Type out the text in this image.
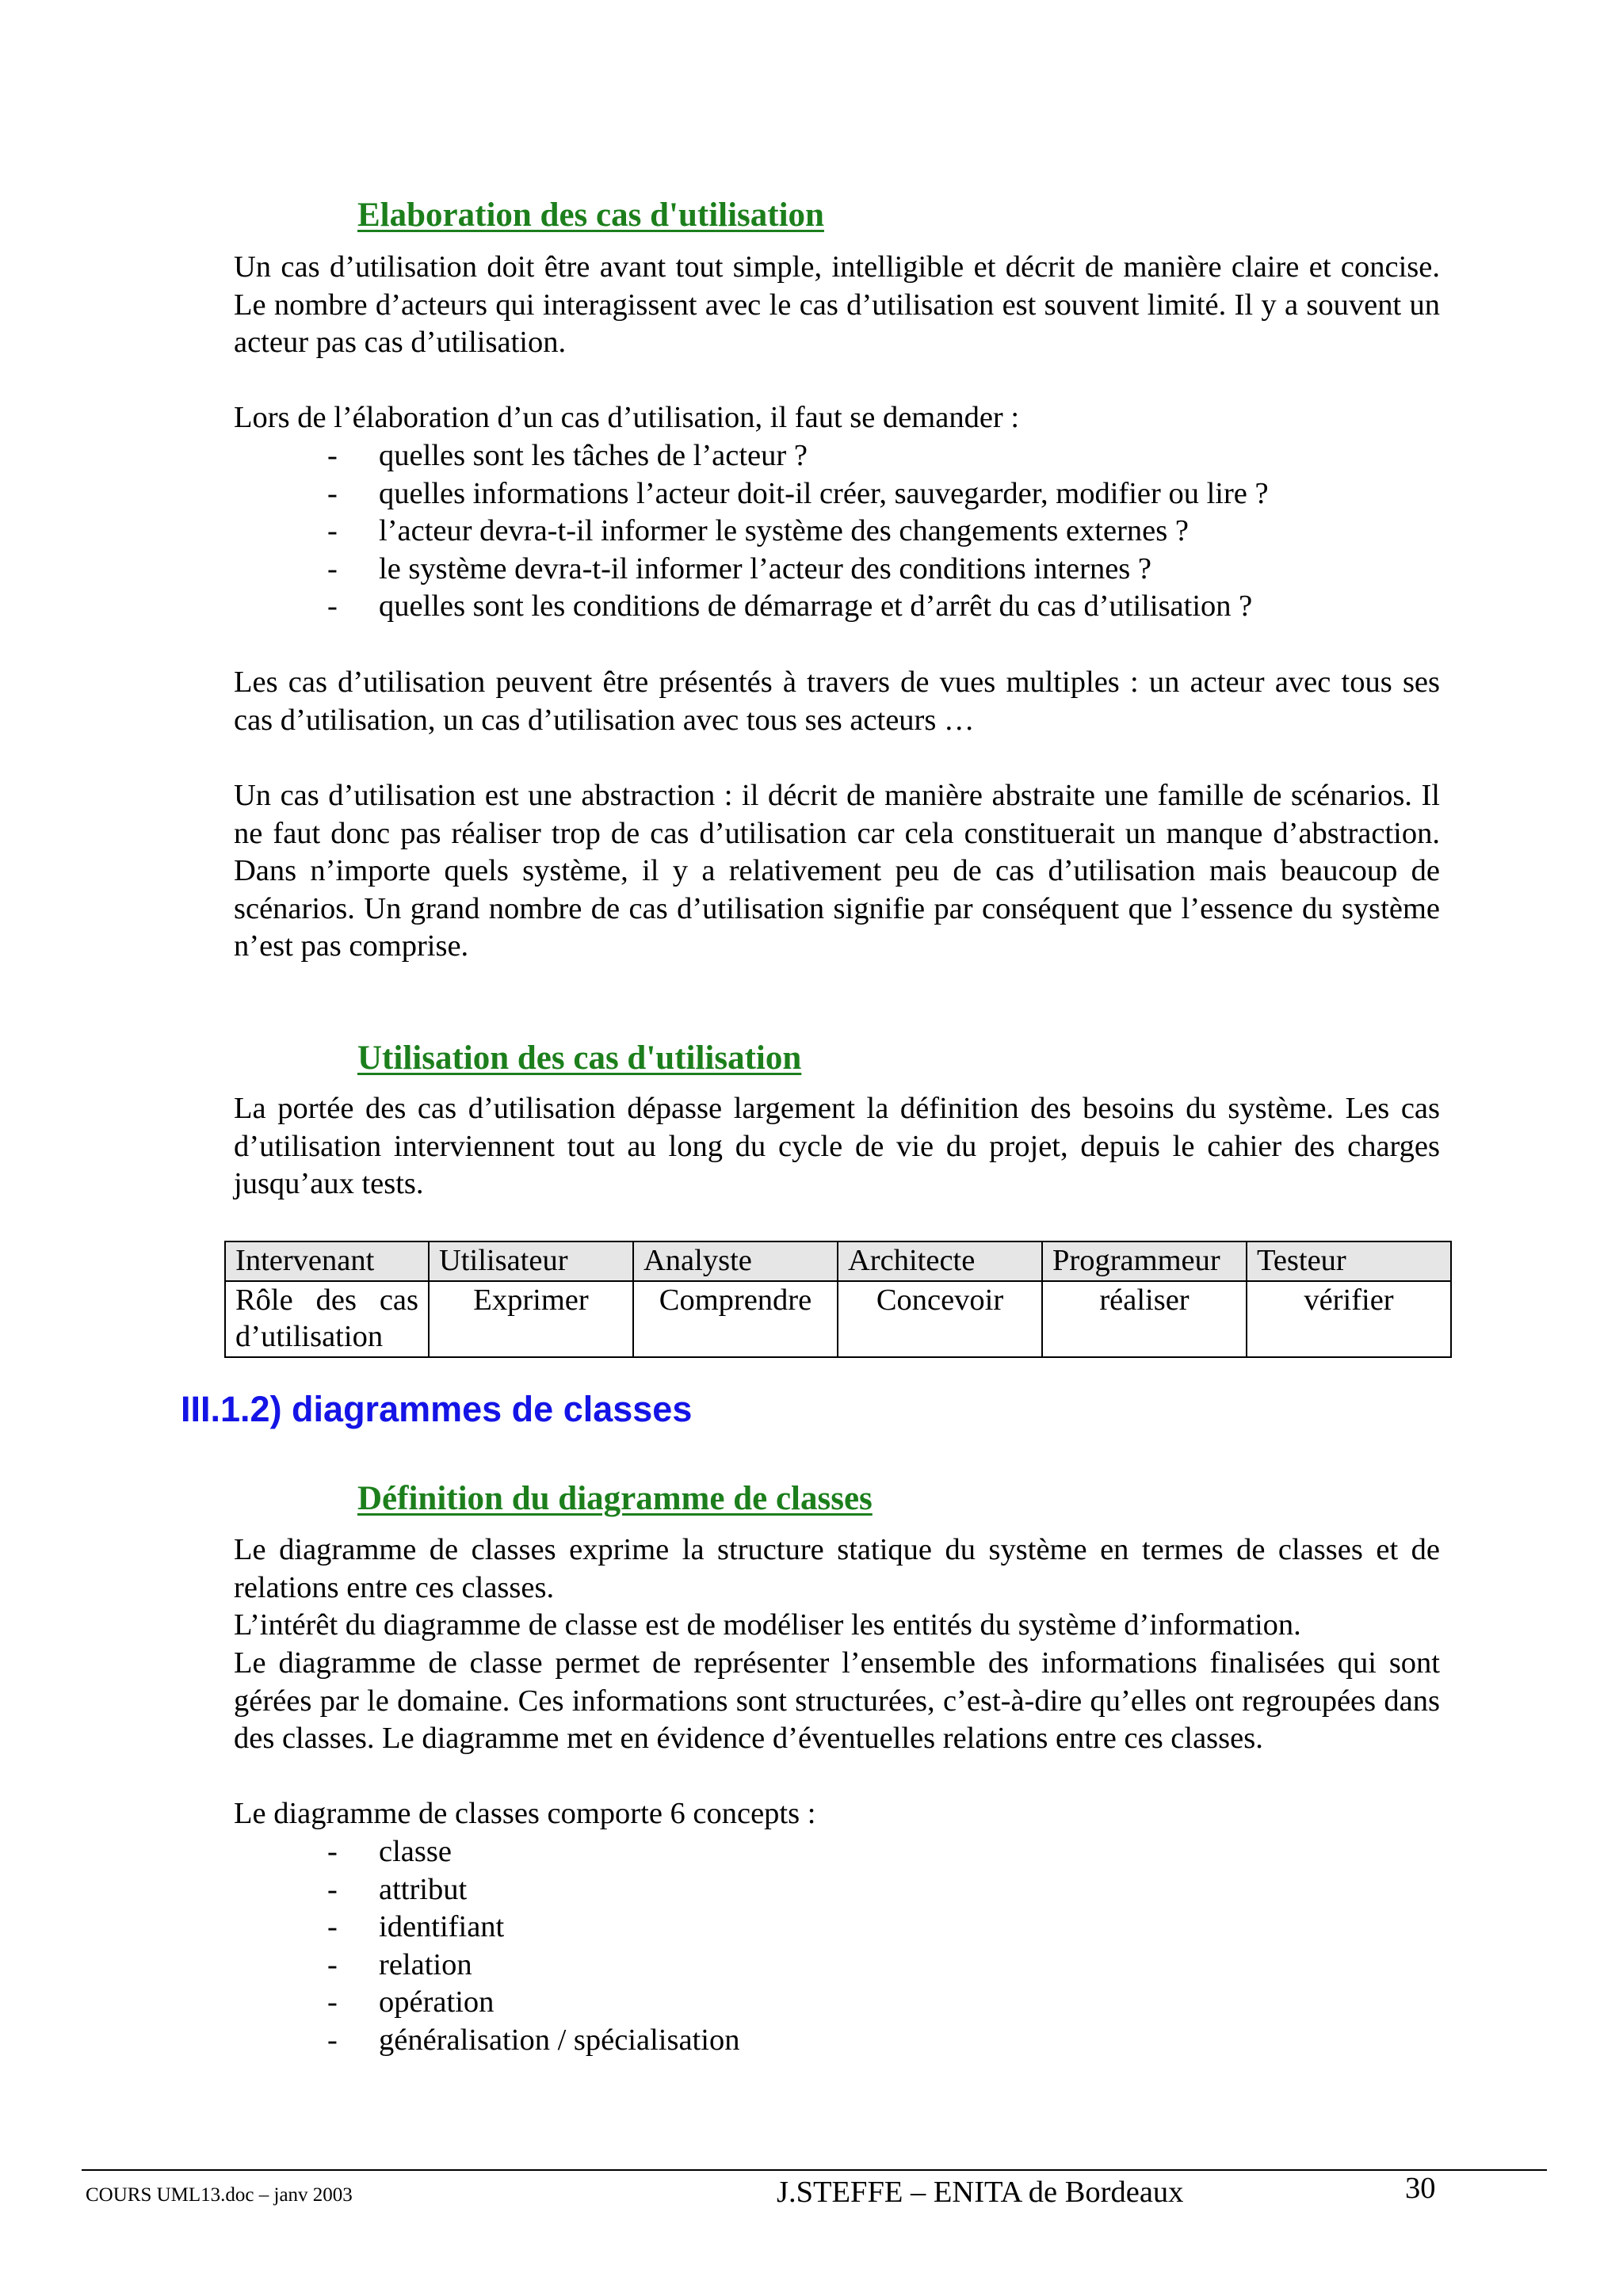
Elaboration des cas d'utilisation

Un cas d’utilisation doit être avant tout simple, intelligible et décrit de manière claire et concise. Le nombre d’acteurs qui interagissent avec le cas d’utilisation est souvent limité. Il y a souvent un acteur pas cas d’utilisation.

Lors de l’élaboration d’un cas d’utilisation, il faut se demander :

- quelles sont les tâches de l’acteur ?
- quelles informations l’acteur doit-il créer, sauvegarder, modifier ou lire ?
- l’acteur devra-t-il informer le système des changements externes ?
- le système devra-t-il informer l’acteur des conditions internes ?
- quelles sont les conditions de démarrage et d’arrêt du cas d’utilisation ?

Les cas d’utilisation peuvent être présentés à travers de vues multiples : un acteur avec tous ses cas d’utilisation, un cas d’utilisation avec tous ses acteurs …

Un cas d’utilisation est une abstraction : il décrit de manière abstraite une famille de scénarios. Il ne faut donc pas réaliser trop de cas d’utilisation car cela constituerait un manque d’abstraction. Dans n’importe quels système, il y a relativement peu de cas d’utilisation mais beaucoup de scénarios. Un grand nombre de cas d’utilisation signifie par conséquent que l’essence du système n’est pas comprise.

Utilisation des cas d'utilisation

La portée des cas d’utilisation dépasse largement la définition des besoins du système. Les cas d’utilisation interviennent tout au long du cycle de vie du projet, depuis le cahier des charges jusqu’aux tests.

Intervenant	Utilisateur	Analyste	Architecte	Programmeur	Testeur
Rôle des cas d’utilisation	Exprimer	Comprendre	Concevoir	réaliser	vérifier
III.1.2) diagrammes de classes
Définition du diagramme de classes

Le diagramme de classes exprime la structure statique du système en termes de classes et de relations entre ces classes.

L’intérêt du diagramme de classe est de modéliser les entités du système d’information.

Le diagramme de classe permet de représenter l’ensemble des informations finalisées qui sont gérées par le domaine. Ces informations sont structurées, c’est-à-dire qu’elles ont regroupées dans des classes. Le diagramme met en évidence d’éventuelles relations entre ces classes.

Le diagramme de classes comporte 6 concepts :

- classe
- attribut
- identifiant
- relation
- opération
- généralisation / spécialisation
COURS UML13.doc – janv 2003	J.STEFFE – ENITA de Bordeaux	30
